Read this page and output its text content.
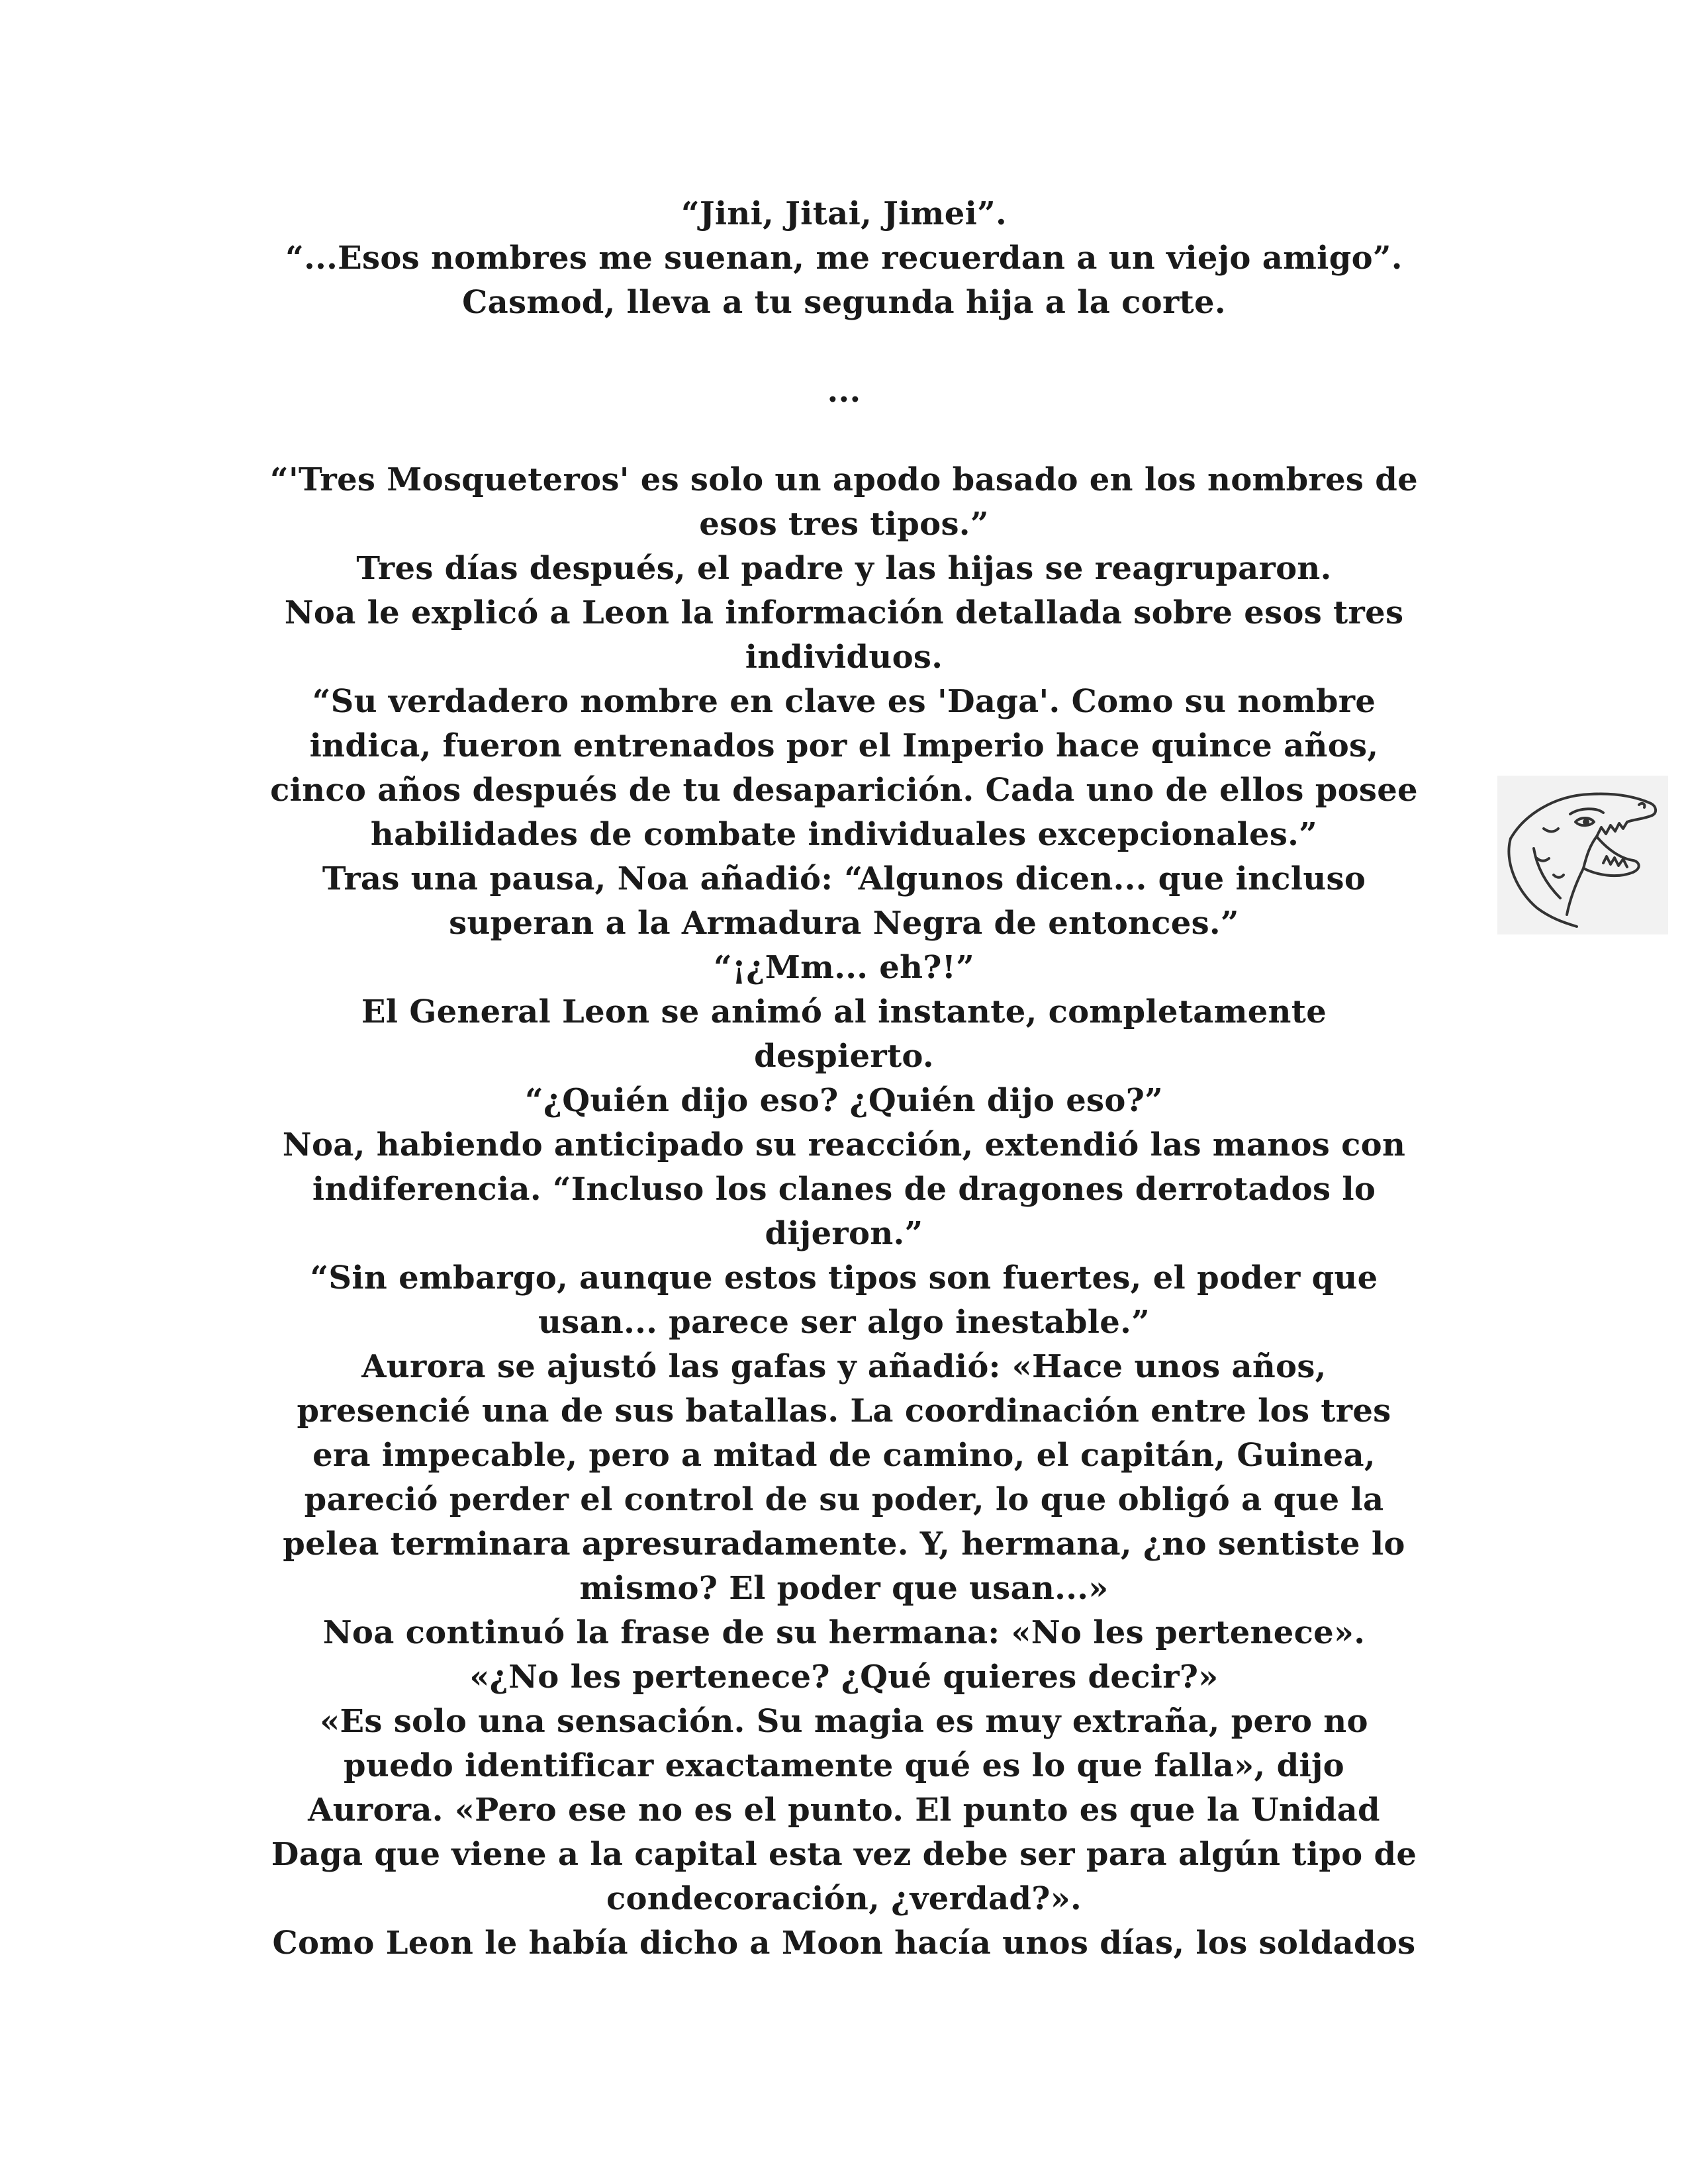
“Jini, Jitai, Jimei”.
“...Esos nombres me suenan, me recuerdan a un viejo amigo”.
Casmod, lleva a tu segunda hija a la corte.
...
“'Tres Mosqueteros' es solo un apodo basado en los nombres de
esos tres tipos.”
Tres días después, el padre y las hijas se reagruparon.
Noa le explicó a Leon la información detallada sobre esos tres
individuos.
“Su verdadero nombre en clave es 'Daga'. Como su nombre
indica, fueron entrenados por el Imperio hace quince años,
cinco años después de tu desaparición. Cada uno de ellos posee
habilidades de combate individuales excepcionales.”
Tras una pausa, Noa añadió: “Algunos dicen... que incluso
superan a la Armadura Negra de entonces.”
“¡¿Mm... eh?!”
El General Leon se animó al instante, completamente
despierto.
“¿Quién dijo eso? ¿Quién dijo eso?”
Noa, habiendo anticipado su reacción, extendió las manos con
indiferencia. “Incluso los clanes de dragones derrotados lo
dijeron.”
“Sin embargo, aunque estos tipos son fuertes, el poder que
usan... parece ser algo inestable.”
Aurora se ajustó las gafas y añadió: «Hace unos años,
presencié una de sus batallas. La coordinación entre los tres
era impecable, pero a mitad de camino, el capitán, Guinea,
pareció perder el control de su poder, lo que obligó a que la
pelea terminara apresuradamente. Y, hermana, ¿no sentiste lo
mismo? El poder que usan...»
Noa continuó la frase de su hermana: «No les pertenece».
«¿No les pertenece? ¿Qué quieres decir?»
«Es solo una sensación. Su magia es muy extraña, pero no
puedo identificar exactamente qué es lo que falla», dijo
Aurora. «Pero ese no es el punto. El punto es que la Unidad
Daga que viene a la capital esta vez debe ser para algún tipo de
condecoración, ¿verdad?».
Como Leon le había dicho a Moon hacía unos días, los soldados
